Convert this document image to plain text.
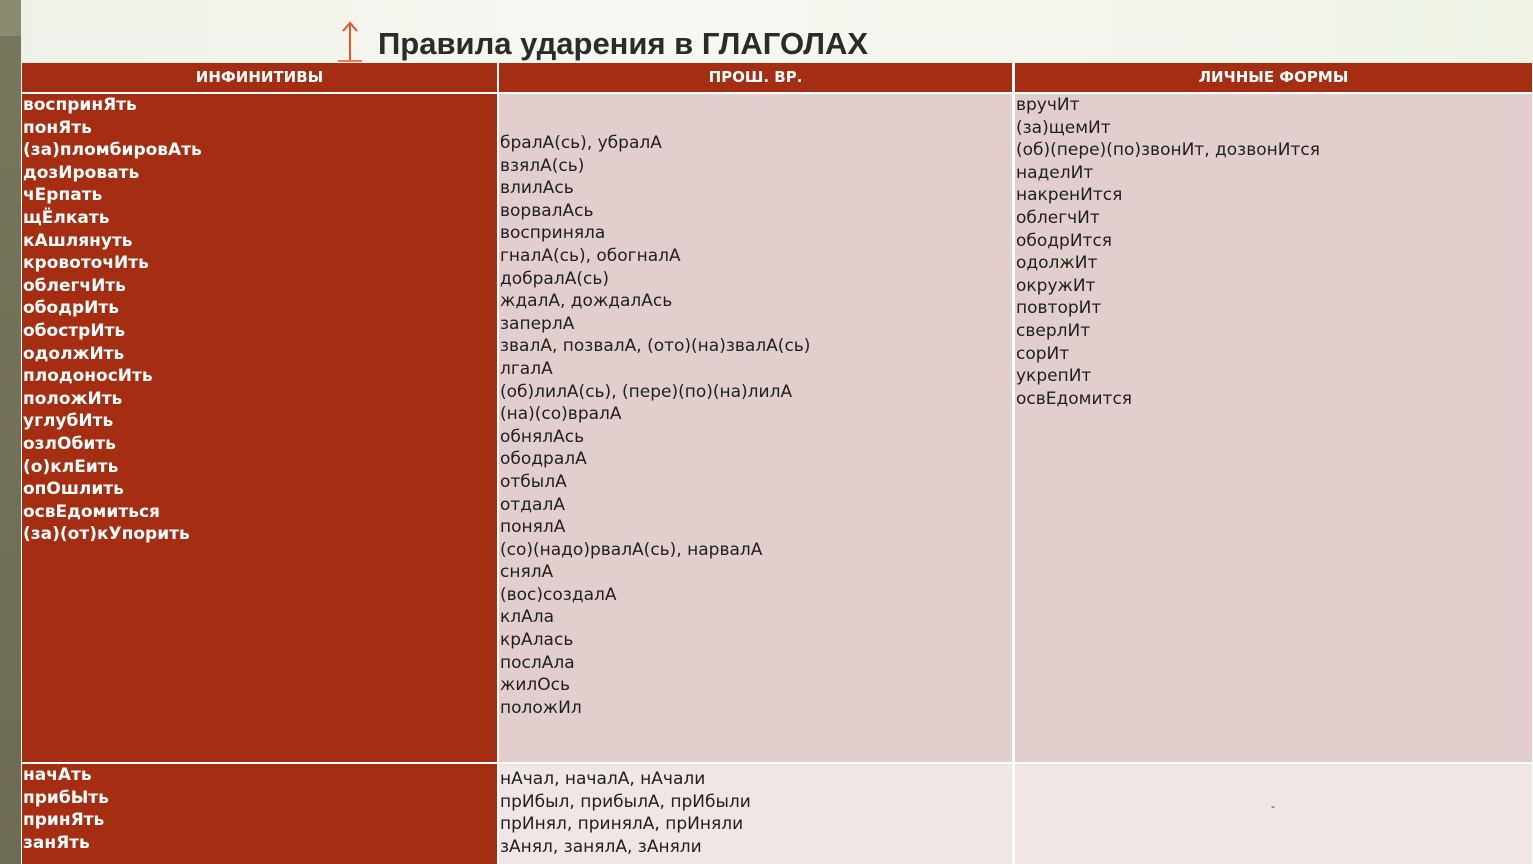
Правила ударения в ГЛАГОЛАХ
ИНФИНИТИВЫ	ПРОШ. ВР.	ЛИЧНЫЕ ФОРМЫ
воспринЯть
понЯть
(за)пломбировАть
дозИровать
чЕрпать
щЁлкать
кАшлянуть
кровоточИть
облегчИть
ободрИть
обострИть
одолжИть
плодоносИть
положИть
углубИть
озлОбить
(о)клЕить
опОшлить
освЕдомиться
(за)(от)кУпорить
бралА(сь), убралА
взялА(сь)
влилАсь
ворвалАсь
восприняла
гналА(сь), обогналА
добралА(сь)
ждалА, дождалАсь
заперлА
звалА, позвалА, (ото)(на)звалА(сь)
лгалА
(об)лилА(сь), (пере)(по)(на)лилА
(на)(со)вралА
обнялАсь
ободралА
отбылА
отдалА
понялА
(со)(надо)рвалА(сь), нарвалА
снялА
(вос)создалА
клАла
крАлась
послАла
жилОсь
положИл
вручИт
(за)щемИт
(об)(пере)(по)звонИт, дозвонИтся
наделИт
накренИтся
облегчИт
ободрИтся
одолжИт
окружИт
повторИт
сверлИт
сорИт
укрепИт
освЕдомится
начАть
прибЫть
принЯть
занЯть
нАчал, началА, нАчали
прИбыл, прибылА, прИбыли
прИнял, принялА, прИняли
зАнял, занялА, зАняли
-
